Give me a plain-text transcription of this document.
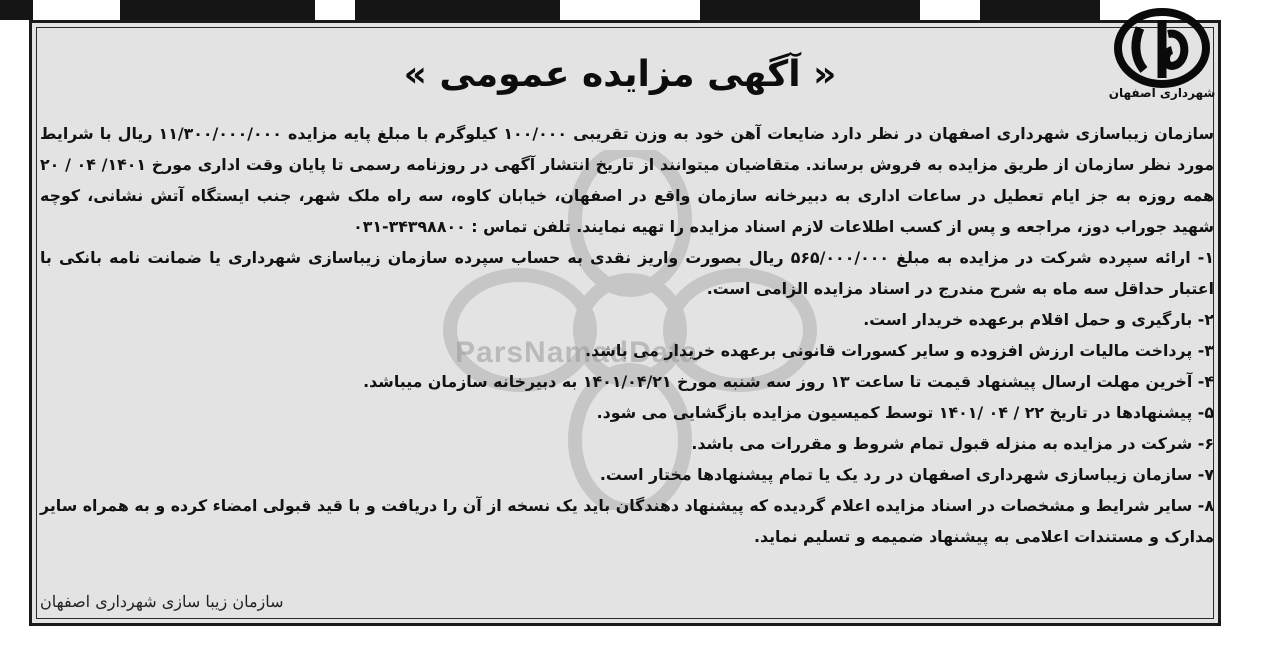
ParsNamadData
شهرداری اصفهان
« آگهی مزایده عمومی »

سازمان زیباسازی شهرداری اصفهان در نظر دارد ضایعات آهن خود به وزن تقریبی ۱۰۰/۰۰۰ کیلوگرم با مبلغ پایه مزایده ۱۱/۳۰۰/۰۰۰/۰۰۰ ریال با شرایط مورد نظر سازمان از طریق مزایده به فروش برساند. متقاضیان میتوانند از تاریخ انتشار آگهی در روزنامه رسمی تا پایان وقت اداری مورخ ۱۴۰۱/ ۰۴ / ۲۰ همه روزه به جز ایام تعطیل در ساعات اداری به دبیرخانه سازمان واقع در اصفهان، خیابان کاوه، سه راه ملک شهر، جنب ایستگاه آتش نشانی، کوچه شهید جوراب دوز، مراجعه و پس از کسب اطلاعات لازم اسناد مزایده را تهیه نمایند. تلفن تماس : ۳۴۳۹۸۸۰۰-۰۳۱

۱- ارائه سپرده شرکت در مزایده به مبلغ ۵۶۵/۰۰۰/۰۰۰ ریال بصورت واریز نقدی به حساب سپرده سازمان زیباسازی شهرداری یا ضمانت نامه بانکی با اعتبار حداقل سه ماه به شرح مندرج در اسناد مزایده الزامی است.

۲- بارگیری و حمل اقلام برعهده خریدار است.

۳- پرداخت مالیات ارزش افزوده و سایر کسورات قانونی برعهده خریدار می باشد.

۴- آخرین مهلت ارسال پیشنهاد قیمت تا ساعت ۱۳ روز سه شنبه مورخ ۱۴۰۱/۰۴/۲۱ به دبیرخانه سازمان میباشد.

۵- پیشنهادها در تاریخ ۲۲ / ۰۴ /۱۴۰۱ توسط کمیسیون مزایده بازگشایی می شود.

۶- شرکت در مزایده به منزله قبول تمام شروط و مقررات می باشد.

۷- سازمان زیباسازی شهرداری اصفهان در رد یک یا تمام پیشنهادها مختار است.

۸- سایر شرایط و مشخصات در اسناد مزایده اعلام گردیده که پیشنهاد دهندگان باید یک نسخه از آن را دریافت و با قید قبولی امضاء کرده و به همراه سایر مدارک و مستندات اعلامی به پیشنهاد ضمیمه و تسلیم نماید.

سازمان زیبا سازی شهرداری اصفهان
